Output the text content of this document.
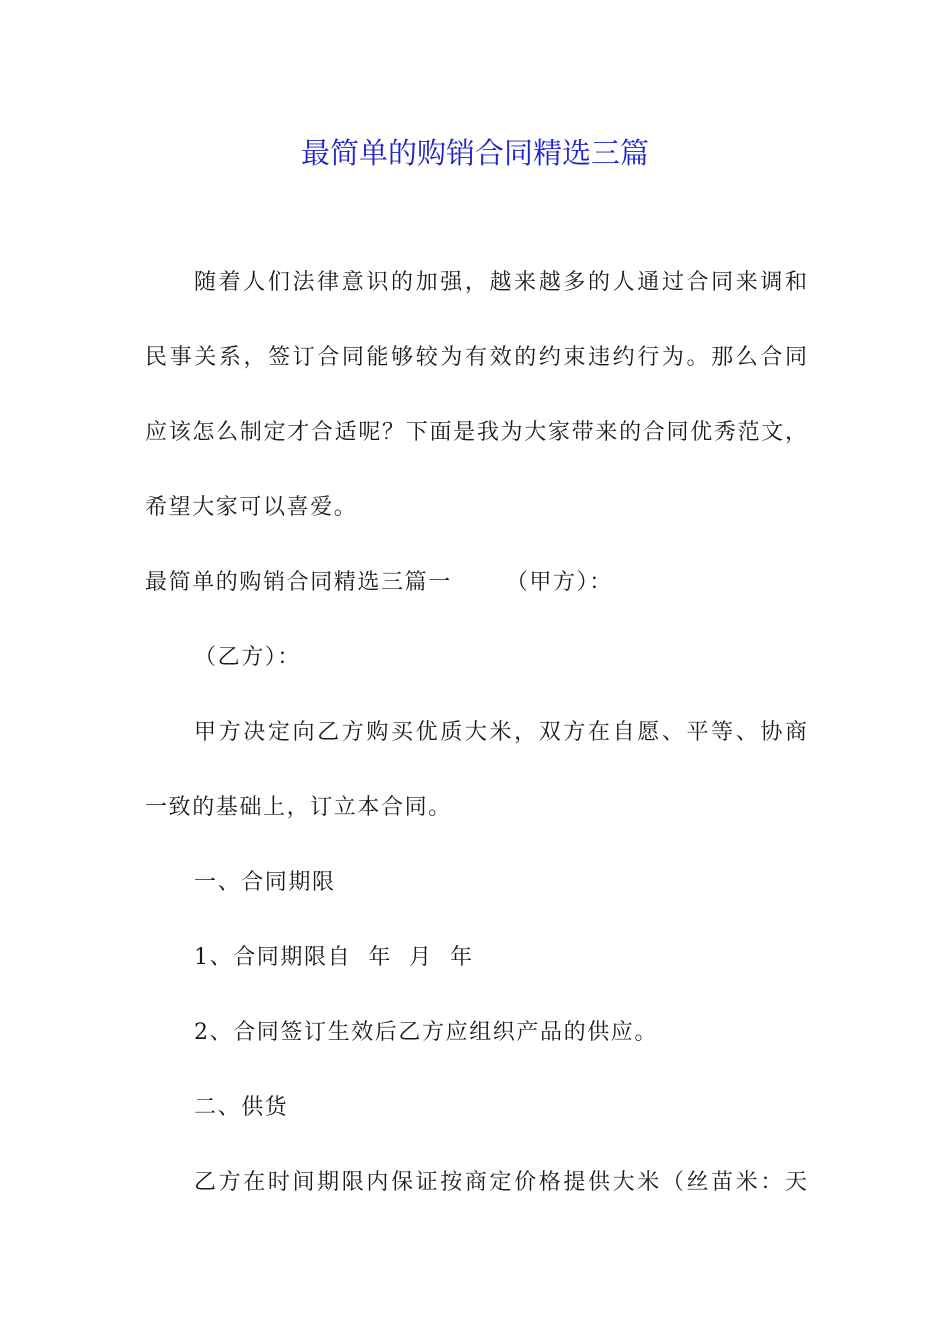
最简单的购销合同精选三篇
随着人们法律意识的加强，越来越多的人通过合同来调和
民事关系，签订合同能够较为有效的约束违约行为。那么合同
应该怎么制定才合适呢？下面是我为大家带来的合同优秀范文，
希望大家可以喜爱。
最简单的购销合同精选三篇一 （甲方）：
（乙方）：
甲方决定向乙方购买优质大米，双方在自愿、平等、协商
一致的基础上，订立本合同。
一、合同期限
1、合同期限自  年  月  年
2、合同签订生效后乙方应组织产品的供应。
二、供货
乙方在时间期限内保证按商定价格提供大米（丝苗米：天
